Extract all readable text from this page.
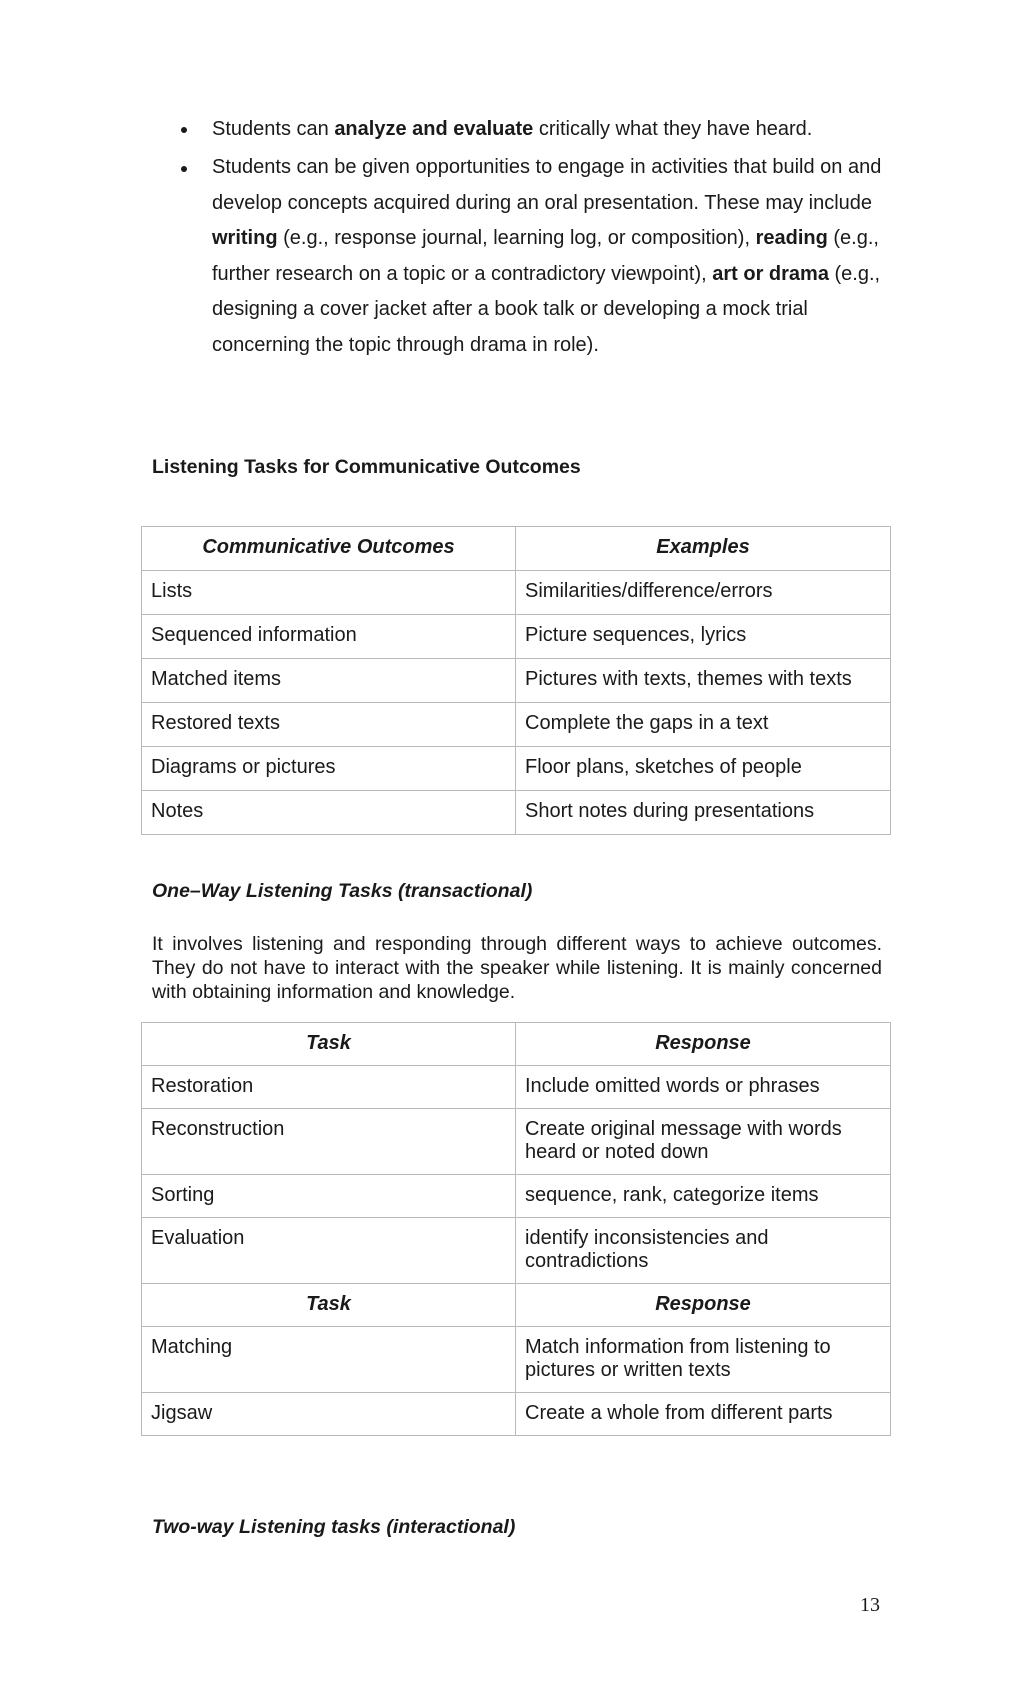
Students can analyze and evaluate critically what they have heard.
Students can be given opportunities to engage in activities that build on and develop concepts acquired during an oral presentation. These may include writing (e.g., response journal, learning log, or composition), reading (e.g., further research on a topic or a contradictory viewpoint), art or drama (e.g., designing a cover jacket after a book talk or developing a mock trial concerning the topic through drama in role).
Listening Tasks for Communicative Outcomes
Communicative Outcomes	Examples
Lists	Similarities/difference/errors
Sequenced information	Picture sequences, lyrics
Matched items	Pictures with texts, themes with texts
Restored texts	Complete the gaps in a text
Diagrams or pictures	Floor plans, sketches of people
Notes	Short notes during presentations
One–Way Listening Tasks (transactional)

It involves listening and responding through different ways to achieve outcomes. They do not have to interact with the speaker while listening. It is mainly concerned with obtaining information and knowledge.

Task	Response
Restoration	Include omitted words or phrases
Reconstruction	Create original message with words heard or noted down
Sorting	sequence, rank, categorize items
Evaluation	identify inconsistencies and contradictions
Task	Response
Matching	Match information from listening to pictures or written texts
Jigsaw	Create a whole from different parts
Two-way Listening tasks (interactional)

13
